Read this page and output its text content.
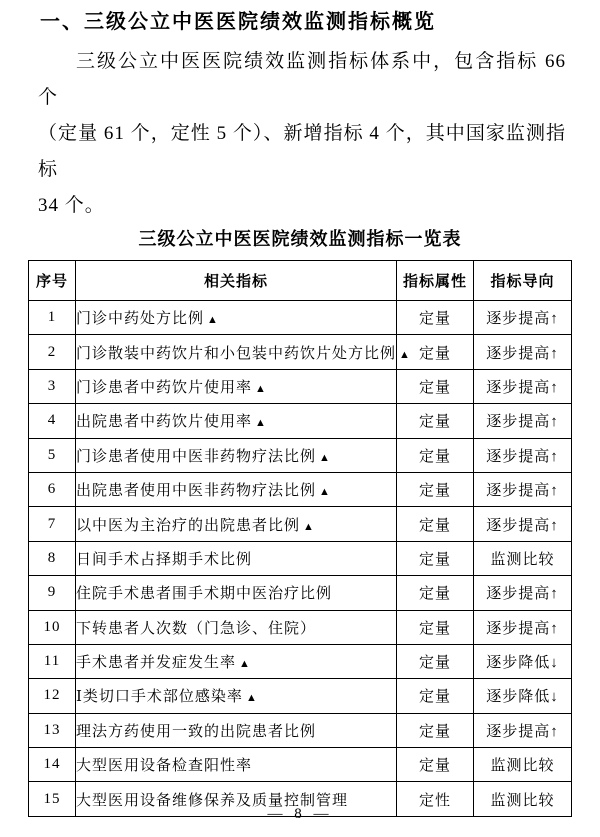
一、三级公立中医医院绩效监测指标概览
三级公立中医医院绩效监测指标体系中，包含指标 66 个
（定量 61 个，定性 5 个）、新增指标 4 个，其中国家监测指标
34 个。
三级公立中医医院绩效监测指标一览表
序号	相关指标	指标属性	指标导向
1	门诊中药处方比例 ▲	定量	逐步提高↑
2	门诊散装中药饮片和小包装中药饮片处方比例 ▲	定量	逐步提高↑
3	门诊患者中药饮片使用率 ▲	定量	逐步提高↑
4	出院患者中药饮片使用率 ▲	定量	逐步提高↑
5	门诊患者使用中医非药物疗法比例 ▲	定量	逐步提高↑
6	出院患者使用中医非药物疗法比例 ▲	定量	逐步提高↑
7	以中医为主治疗的出院患者比例 ▲	定量	逐步提高↑
8	日间手术占择期手术比例	定量	监测比较
9	住院手术患者围手术期中医治疗比例	定量	逐步提高↑
10	下转患者人次数（门急诊、住院）	定量	逐步提高↑
11	手术患者并发症发生率 ▲	定量	逐步降低↓
12	Ⅰ类切口手术部位感染率 ▲	定量	逐步降低↓
13	理法方药使用一致的出院患者比例	定量	逐步提高↑
14	大型医用设备检查阳性率	定量	监测比较
15	大型医用设备维修保养及质量控制管理	定性	监测比较
— 8 —
